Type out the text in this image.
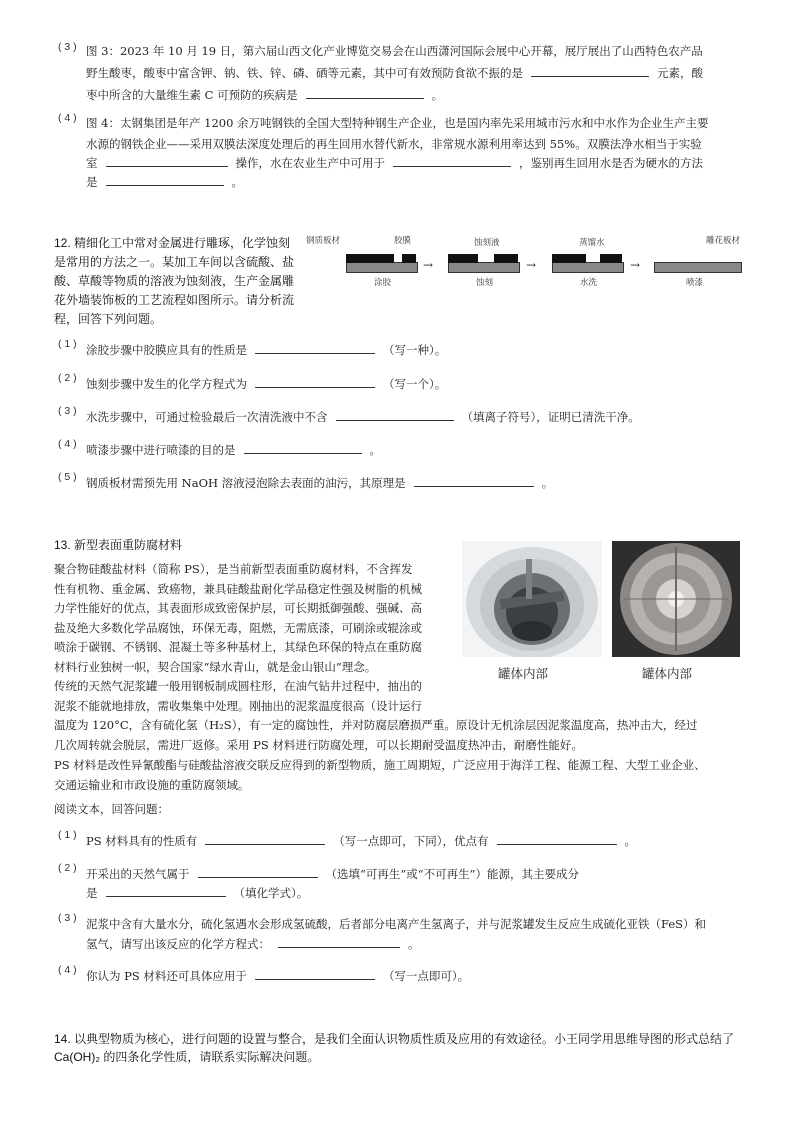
( 3 ) 图 3：2023 年 10 月 19 日，第六届山西文化产业博览交易会在山西潇河国际会展中心开幕，展厅展出了山西特色农产品
野生酸枣，酸枣中富含钾、钠、铁、锌、磷、硒等元素，其中可有效预防食欲不振的是	元素，酸
枣中所含的大量维生素 C 可预防的疾病是	。
( 4 ) 图 4：太钢集团是年产 1200 余万吨钢铁的全国大型特种钢生产企业，也是国内率先采用城市污水和中水作为企业生产主要
水源的钢铁企业——采用双膜法深度处理后的再生回用水替代新水，非常规水源利用率达到 55%。双膜法净水相当于实验
室	操作，水在农业生产中可用于	，鉴别再生回用水是否为硬水的方法
是	。
12. 精细化工中常对金属进行雕琢，化学蚀刻
是常用的方法之一。某加工车间以含硫酸、盐
酸、草酸等物质的溶液为蚀刻液，生产金属雕
花外墙装饰板的工艺流程如图所示。请分析流
程，回答下列问题。
钢质板材	胶膜	蚀刻液	蒸馏水	雕花板材
涂胶
→
蚀刻
→
水洗
→
喷漆
( 1 ) 涂胶步骤中胶膜应具有的性质是	（写一种）。
( 2 ) 蚀刻步骤中发生的化学方程式为	（写一个）。
( 3 ) 水洗步骤中，可通过检验最后一次清洗液中不含	（填离子符号），证明已清洗干净。
( 4 ) 喷漆步骤中进行喷漆的目的是	。
( 5 ) 钢质板材需预先用 NaOH 溶液浸泡除去表面的油污，其原理是	。
13. 新型表面重防腐材料
聚合物硅酸盐材料（简称 PS），是当前新型表面重防腐材料，不含挥发
性有机物、重金属、致癌物，兼具硅酸盐耐化学品稳定性强及树脂的机械
力学性能好的优点，其表面形成致密保护层，可长期抵御强酸、强碱、高
盐及绝大多数化学品腐蚀，环保无毒，阻燃，无需底漆，可刷涂或辊涂或
喷涂于碳钢、不锈钢、混凝土等多种基材上，其绿色环保的特点在重防腐
材料行业独树一帜，契合国家“绿水青山，就是金山银山”理念。
传统的天然气泥浆罐一般用钢板制成圆柱形，在油气钻井过程中，抽出的
泥浆不能就地排放，需收集集中处理。刚抽出的泥浆温度很高（设计运行
温度为 120°C，含有硫化氢（H₂S），有一定的腐蚀性，并对防腐层磨损严重。原设计无机涂层因泥浆温度高，热冲击大，经过
几次周转就会脱层，需进厂返修。采用 PS 材料进行防腐处理，可以长期耐受温度热冲击，耐磨性能好。
PS 材料是改性异氰酸酯与硅酸盐溶液交联反应得到的新型物质，施工周期短，广泛应用于海洋工程、能源工程、大型工业企业、
交通运输业和市政设施的重防腐领域。
阅读文本，回答问题：
罐体内部	罐体内部
( 1 ) PS 材料具有的性质有	（写一点即可，下同），优点有	。
( 2 ) 开采出的天然气属于	（选填“可再生”或“不可再生”）能源，其主要成分
是	（填化学式）。
( 3 ) 泥浆中含有大量水分，硫化氢遇水会形成氢硫酸，后者部分电离产生氢离子，并与泥浆罐发生反应生成硫化亚铁（FeS）和
氢气，请写出该反应的化学方程式：	。
( 4 ) 你认为 PS 材料还可具体应用于	（写一点即可）。
14. 以典型物质为核心，进行问题的设置与整合，是我们全面认识物质性质及应用的有效途径。小王同学用思维导图的形式总结了
Ca(OH)₂ 的四条化学性质，请联系实际解决问题。
